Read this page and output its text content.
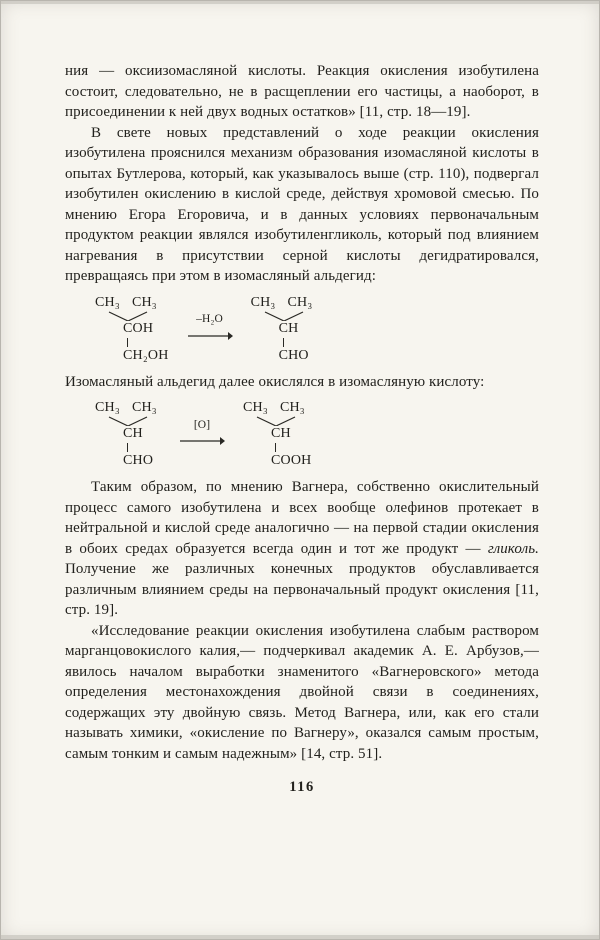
ния — оксиизомасляной кислоты. Реакция окисления изобутилена состоит, следовательно, не в расщеплении его частицы, а наоборот, в присоединении к ней двух водных остатков» [11, стр. 18—19].

В свете новых представлений о ходе реакции окисления изобутилена прояснился механизм образования изомасляной кислоты в опытах Бутлерова, который, как указывалось выше (стр. 110), подвергал изобутилен окислению в кислой среде, действуя хромовой смесью. По мнению Егора Егоровича, и в данных условиях первоначальным продуктом реакции являлся изобутиленгликоль, который под влиянием нагревания в присутствии серной кислоты дегидратировался, превращаясь при этом в изомасляный альдегид:

CH₃ CH₃
COH
CH₂OH
–H₂O
CH₃ CH₃
CH
CHO

Изомасляный альдегид далее окислялся в изомасляную кислоту:

CH₃ CH₃
CH
CHO
[O]
CH₃ CH₃
CH
COOH

Таким образом, по мнению Вагнера, собственно окислительный процесс самого изобутилена и всех вообще олефинов протекает в нейтральной и кислой среде аналогично — на первой стадии окисления в обоих средах образуется всегда один и тот же продукт — гликоль. Получение же различных конечных продуктов обуславливается различным влиянием среды на первоначальный продукт окисления [11, стр. 19].

«Исследование реакции окисления изобутилена слабым раствором марганцовокислого калия,— подчеркивал академик А. Е. Арбузов,— явилось началом выработки знаменитого «Вагнеровского» метода определения местонахождения двойной связи в соединениях, содержащих эту двойную связь. Метод Вагнера, или, как его стали называть химики, «окисление по Вагнеру», оказался самым простым, самым тонким и самым надежным» [14, стр. 51].

116
